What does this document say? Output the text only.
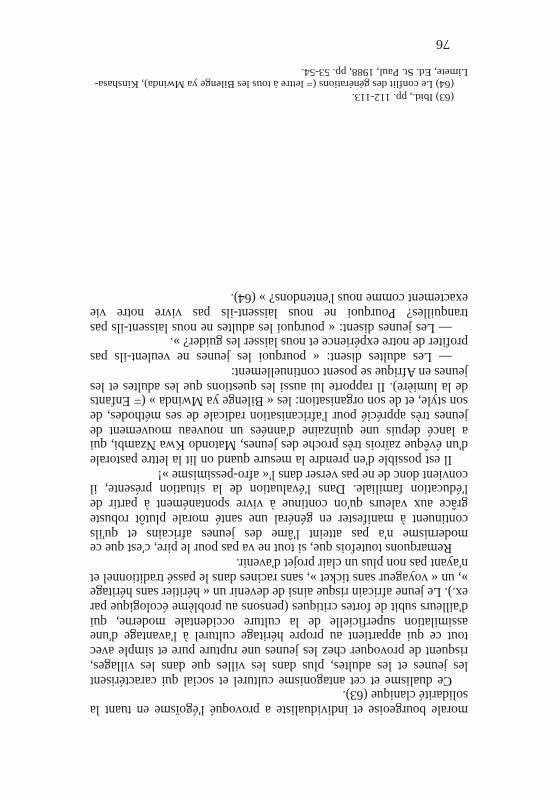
morale bourgeoise et individualiste a provoqué l'égoïsme en tuant la solidarité clanique (63).

Ce dualisme et cet antagonisme culturel et social qui caractérisent les jeunes et les adultes, plus dans les villes que dans les villages, risquent de provoquer chez les jeunes une rupture pure et simple avec tout ce qui appartient au propre héritage culturel à l'avantage d'une assimilation superficielle de la culture occidentale moderne, qui d'ailleurs subit de fortes critiques (pensons au problème écologique par ex.). Le jeune africain risque ainsi de devenir un « héritier sans héritage », un « voyageur sans ticket », sans racines dans le passé traditionnel et n'ayant pas non plus un clair projet d'avenir.

Remarquons toutefois que, si tout ne va pas pour le pire, c'est que ce modernisme n'a pas atteint l'âme des jeunes africains et qu'ils continuent à manifester en général une santé morale plutôt robuste grâce aux valeurs qu'on continue à vivre spontanément à partir de l'éducation familiale. Dans l'évaluation de la situation présente, il convient donc de ne pas verser dans l'« afro-pessimisme »!

Il est possible d'en prendre la mesure quand on lit la lettre pastorale d'un évêque zaïrois très proche des jeunes, Matondo Kwa Nzambi, qui a lancé depuis une quinzaine d'années un nouveau mouvement de jeunes très apprécié pour l'africanisation radicale de ses méthodes, de son style, et de son organisation: les « Bilenge ya Mwinda » (= Enfants de la lumière). Il rapporte lui aussi les questions que les adultes et les jeunes en Afrique se posent continuellement:

— Les adultes disent: « pourquoi les jeunes ne veulent-ils pas profiter de notre expérience et nous laisser les guider? ».

— Les jeunes disent: « pourquoi les adultes ne nous laissent-ils pas tranquilles? Pourquoi ne nous laissent-ils pas vivre notre vie exactement comme nous l'entendons? » (64).

(63) Ibid., pp. 112-113.
(64) Le conflit des générations (= lettre à tous les Bilenge ya Mwinda), Kinshasa-Limete, Ed. St. Paul, 1988, pp. 53-54.
76
